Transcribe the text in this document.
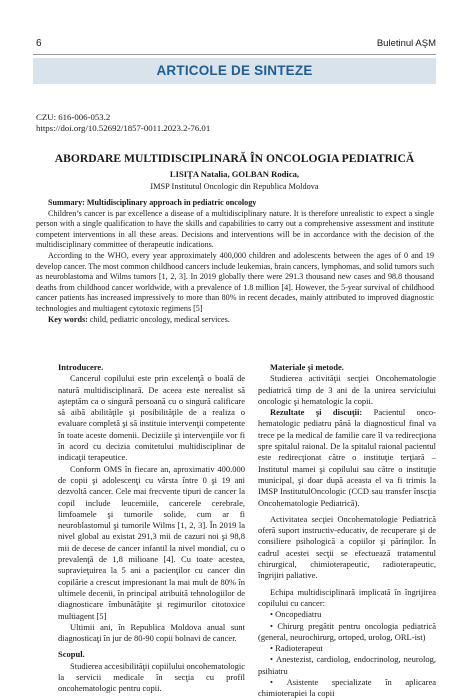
6	Buletinul AŞM
ARTICOLE DE SINTEZE
CZU: 616-006-053.2
https://doi.org/10.52692/1857-0011.2023.2-76.01
ABORDARE MULTIDISCIPLINARĂ ÎN ONCOLOGIA PEDIATRICĂ
LISIŢA Natalia, GOLBAN Rodica,
IMSP Institutul Oncologic din Republica Moldova

Summary: Multidisciplinary approach in pediatric oncology

Children’s cancer is par excellence a disease of a multidisciplinary nature. It is therefore unrealistic to expect a single person with a single qualification to have the skills and capabilities to carry out a comprehensive assessment and institute competent interventions in all these areas. Decisions and interventions will be in accordance with the decision of the multidisciplinary committee of therapeutic indications.

According to the WHO, every year approximately 400,000 children and adolescents between the ages of 0 and 19 develop cancer. The most common childhood cancers include leukemias, brain cancers, lymphomas, and solid tumors such as neuroblastoma and Wilms tumors [1, 2, 3]. In 2019 globally there were 291.3 thousand new cases and 98.8 thousand deaths from childhood cancer worldwide, with a prevalence of 1.8 million [4]. However, the 5-year survival of childhood cancer patients has increased impressively to more than 80% in recent decades, mainly attributed to improved diagnostic technologies and multiagent cytotoxic regimens [5]

Key words: child, pediatric oncology, medical services.

Introducere.

Cancerul copilului este prin excelenţă o boală de natură multidisciplinară. De aceea este nerealist să aşteptăm ca o singură persoană cu o singură calificare să aibă abilităţile şi posibilităţile de a realiza o evaluare completă şi să instituie intervenţii competente în toate aceste domenii. Deciziile şi intervenţiile vor fi în acord cu decizia comitetului multidisciplinar de indicaţii terapeutice.

Conform OMS în fiecare an, aproximativ 400.000 de copii şi adolescenţi cu vârsta între 0 şi 19 ani dezvoltă cancer. Cele mai frecvente tipuri de cancer la copil include leucemiile, cancerele cerebrale, limfoamele şi tumorile solide, cum ar fi neuroblastomul şi tumorile Wilms [1, 2, 3]. În 2019 la nivel global au existat 291,3 mii de cazuri noi şi 98,8 mii de decese de cancer infantil la nivel mondial, cu o prevalenţă de 1,8 milioane [4]. Cu toate acestea, supravieţuirea la 5 ani a pacienţilor cu cancer din copilărie a crescut impresionant la mai mult de 80% în ultimele decenii, în principal atribuită tehnologiilor de diagnosticare îmbunătăţite şi regimurilor citotoxice multiagent [5]

Ultimii ani, în Republica Moldova anual sunt diagnosticaţi în jur de 80-90 copii bolnavi de cancer.

Scopul.

Studierea accesibilităţii copiilului oncohematologic la servicii medicale în secţia cu profil oncohematologic pentru copii.

Materiale şi metode.

Studierea activităţii secţiei Oncohematologie pediatrică timp de 3 ani de la unirea serviciului oncologic şi hematologic la copii.

Rezultate şi discuţii: Pacientul onco-hematologic pediatru până la diagnosticul final va trece pe la medical de familie care îl va redirecţiona spre spitalul raional. De la spitalul raional pacientul este redirecţionat către o instituţie terţiară – Institutul mamei şi copilului sau către o instituţie municipal, şi doar după aceasta el va fi trimis la IMSP InstitutulOncologic (CCD sau transfer înscţia Oncohematologie Pediatrică).

Activitatea secţiei Oncohematologie Pediatrică oferă suport instructiv-educativ, de recuperare şi de consiliere psihologică a copiilor şi părinţilor. În cadrul acestei secţii se efectuează tratamentul chirurgical, chimioterapeutic, radioterapeutic, îngrijiri paliative.

Echipa multidisciplinară implicată în îngrijirea copilului cu cancer:

• Oncopediatru
• Chirurg pregătit pentru oncologia pediatrică (general, neurochirurg, ortoped, urolog, ORL-ist)
• Radioterapeut
• Anestezist, cardiolog, endocrinolog, neurolog, psihiatru
• Asistente specializate în aplicarea chimioterapiei la copii
